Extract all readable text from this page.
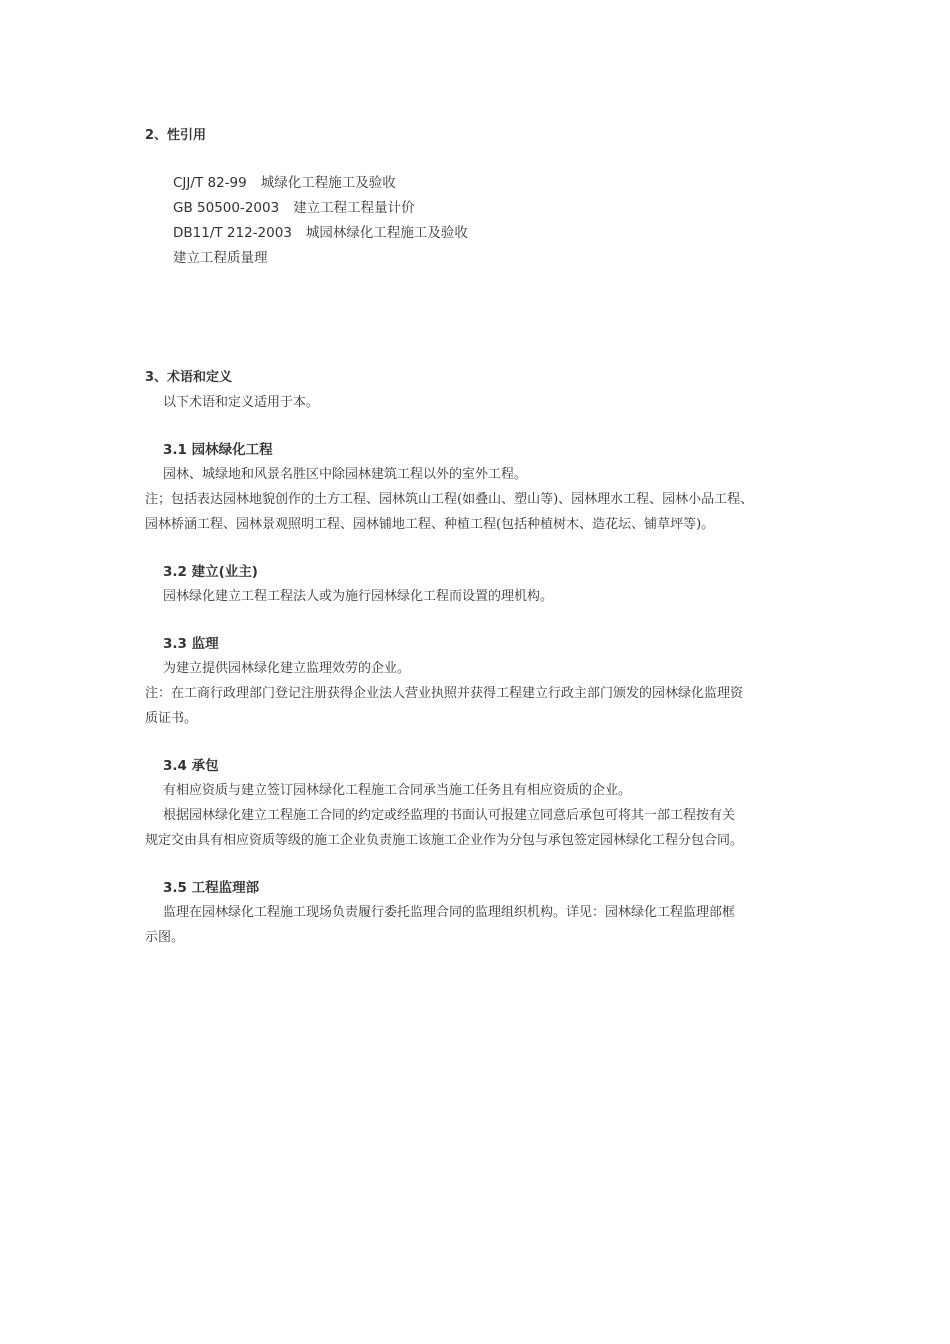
2、性引用
CJJ/T 82-99 城绿化工程施工及验收
GB 50500-2003 建立工程工程量计价
DB11/T 212-2003 城园林绿化工程施工及验收
建立工程质量理
3、术语和定义
以下术语和定义适用于本。
3.1 园林绿化工程
园林、城绿地和风景名胜区中除园林建筑工程以外的室外工程。
注；包括表达园林地貌创作的土方工程、园林筑山工程(如叠山、塑山等)、园林理水工程、园林小品工程、
园林桥涵工程、园林景观照明工程、园林铺地工程、种植工程(包括种植树木、造花坛、铺草坪等)。
3.2 建立(业主)
园林绿化建立工程工程法人或为施行园林绿化工程而设置的理机构。
3.3 监理
为建立提供园林绿化建立监理效劳的企业。
注：在工商行政理部门登记注册获得企业法人营业执照并获得工程建立行政主部门颁发的园林绿化监理资
质证书。
3.4 承包
有相应资质与建立签订园林绿化工程施工合同承当施工任务且有相应资质的企业。
根据园林绿化建立工程施工合同的约定或经监理的书面认可报建立同意后承包可将其一部工程按有关
规定交由具有相应资质等级的施工企业负责施工该施工企业作为分包与承包签定园林绿化工程分包合同。
3.5 工程监理部
监理在园林绿化工程施工现场负责履行委托监理合同的监理组织机构。详见：园林绿化工程监理部框
示图。
